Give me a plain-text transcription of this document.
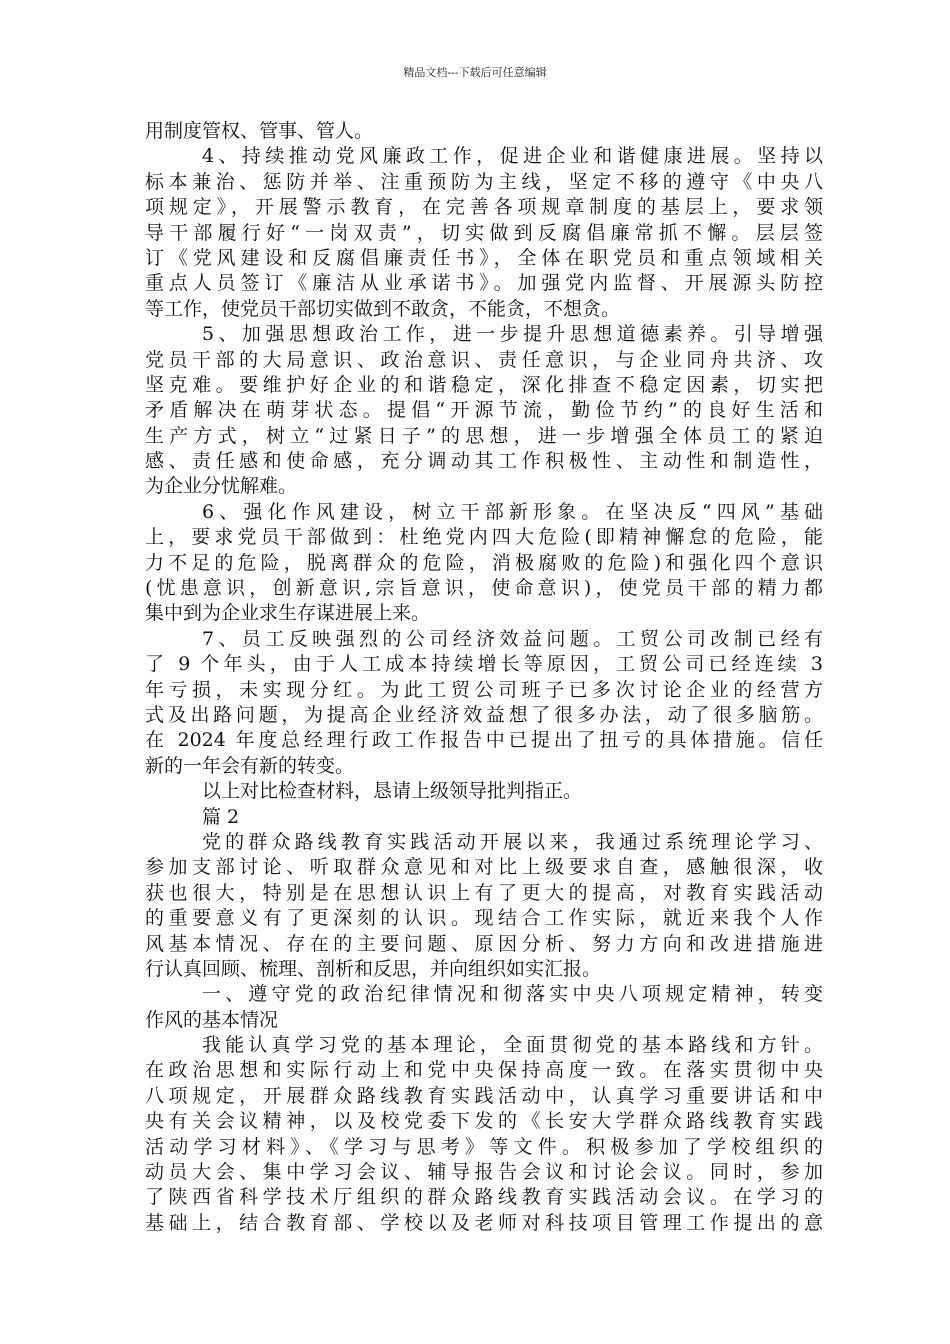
精品文档---下载后可任意编辑
用制度管权、管事、管人。
4、持续推动党风廉政工作，促进企业和谐健康进展。坚持以
标本兼治、惩防并举、注重预防为主线，坚定不移的遵守《中央八
项规定》，开展警示教育，在完善各项规章制度的基层上，要求领
导干部履行好“一岗双责”，切实做到反腐倡廉常抓不懈。层层签
订《党风建设和反腐倡廉责任书》，全体在职党员和重点领域相关
重点人员签订《廉洁从业承诺书》。加强党内监督、开展源头防控
等工作，使党员干部切实做到不敢贪，不能贪，不想贪。
5、加强思想政治工作，进一步提升思想道德素养。引导增强
党员干部的大局意识、政治意识、责任意识，与企业同舟共济、攻
坚克难。要维护好企业的和谐稳定，深化排查不稳定因素，切实把
矛盾解决在萌芽状态。提倡“开源节流，勤俭节约”的良好生活和
生产方式，树立“过紧日子”的思想，进一步增强全体员工的紧迫
感、责任感和使命感，充分调动其工作积极性、主动性和制造性，
为企业分忧解难。
6、强化作风建设，树立干部新形象。在坚决反“四风”基础
上，要求党员干部做到：杜绝党内四大危险(即精神懈怠的危险，能
力不足的危险，脱离群众的危险，消极腐败的危险)和强化四个意识
(忧患意识，创新意识,宗旨意识，使命意识)，使党员干部的精力都
集中到为企业求生存谋进展上来。
7、员工反映强烈的公司经济效益问题。工贸公司改制已经有
了 9 个年头，由于人工成本持续增长等原因，工贸公司已经连续 3
年亏损，未实现分红。为此工贸公司班子已多次讨论企业的经营方
式及出路问题，为提高企业经济效益想了很多办法，动了很多脑筋。
在 2024 年度总经理行政工作报告中已提出了扭亏的具体措施。信任
新的一年会有新的转变。
以上对比检查材料，恳请上级领导批判指正。
篇 2
党的群众路线教育实践活动开展以来，我通过系统理论学习、
参加支部讨论、听取群众意见和对比上级要求自查，感触很深，收
获也很大，特别是在思想认识上有了更大的提高，对教育实践活动
的重要意义有了更深刻的认识。现结合工作实际，就近来我个人作
风基本情况、存在的主要问题、原因分析、努力方向和改进措施进
行认真回顾、梳理、剖析和反思，并向组织如实汇报。
一、遵守党的政治纪律情况和彻落实中央八项规定精神，转变
作风的基本情况
我能认真学习党的基本理论，全面贯彻党的基本路线和方针。
在政治思想和实际行动上和党中央保持高度一致。在落实贯彻中央
八项规定，开展群众路线教育实践活动中，认真学习重要讲话和中
央有关会议精神，以及校党委下发的《长安大学群众路线教育实践
活动学习材料》、《学习与思考》等文件。积极参加了学校组织的
动员大会、集中学习会议、辅导报告会议和讨论会议。同时，参加
了陕西省科学技术厅组织的群众路线教育实践活动会议。在学习的
基础上，结合教育部、学校以及老师对科技项目管理工作提出的意
